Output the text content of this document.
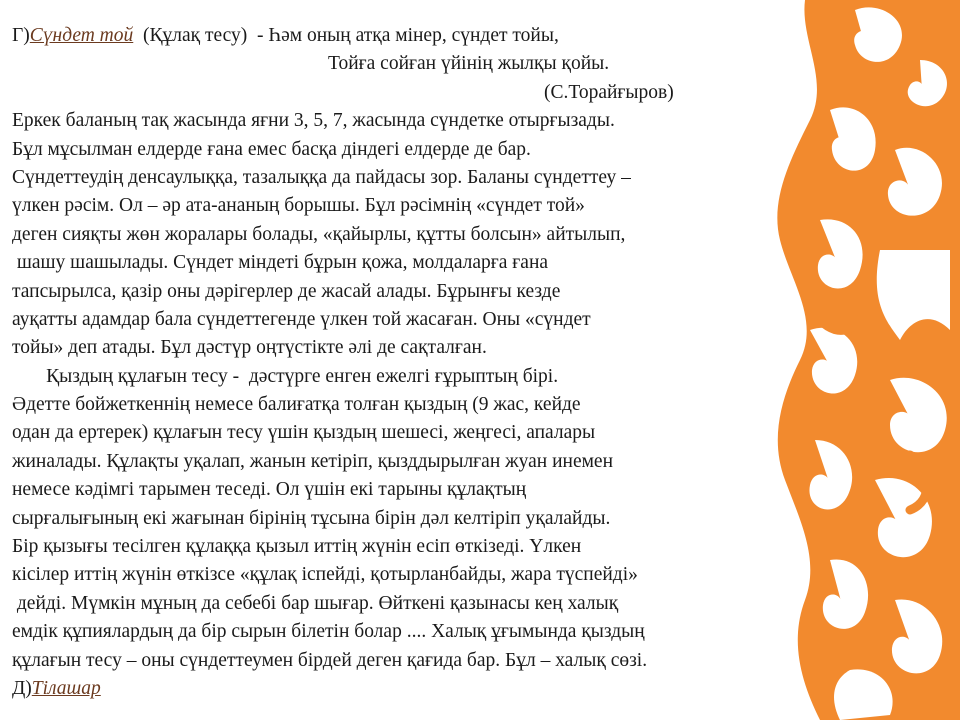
Г)Сүндет той  (Құлақ тесу)  - Һәм оның атқа мінер, сүндет тойы,
Тойға сойған үйінің жылқы қойы.
(С.Торайғыров)
Еркек баланың тақ жасында яғни 3, 5, 7, жасында сүндетке отырғызады.
Бұл мұсылман елдерде ғана емес басқа діндегі елдерде де бар.
Сүндеттеудің денсаулыққа, тазалыққа да пайдасы зор. Баланы сүндеттеу –
үлкен рәсім. Ол – әр ата-ананың борышы. Бұл рәсімнің «сүндет той»
деген сияқты жөн жоралары болады, «қайырлы, құтты болсын» айтылып,
шашу шашылады. Сүндет міндеті бұрын қожа, молдаларға ғана
тапсырылса, қазір оны дәрігерлер де жасай алады. Бұрынғы кезде
ауқатты адамдар бала сүндеттегенде үлкен той жасаған. Оны «сүндет
тойы» деп атады. Бұл дәстүр оңтүстікте әлі де сақталған.
Қыздың құлағын тесу -  дәстүрге енген ежелгі ғұрыптың бірі.
Әдетте бойжеткеннің немесе балиғатқа толған қыздың (9 жас, кейде
одан да ертерек) құлағын тесу үшін қыздың шешесі, жеңгесі, апалары
жиналады. Құлақты уқалап, жанын кетіріп, қызддырылған жуан инемен
немесе кәдімгі тарымен теседі. Ол үшін екі тарыны құлақтың
сырғалығының екі жағынан бірінің тұсына бірін дәл келтіріп уқалайды.
Бір қызығы тесілген құлаққа қызыл иттің жүнін есіп өткізеді. Үлкен
кісілер иттің жүнін өткізсе «құлақ іспейді, қотырланбайды, жара түспейді»
дейді. Мүмкін мұның да себебі бар шығар. Өйткені қазынасы кең халық
емдік құпиялардың да бір сырын білетін болар .... Халық ұғымында қыздың
құлағын тесу – оны сүндеттеумен бірдей деген қағида бар. Бұл – халық сөзі.
Д)Тілашар
